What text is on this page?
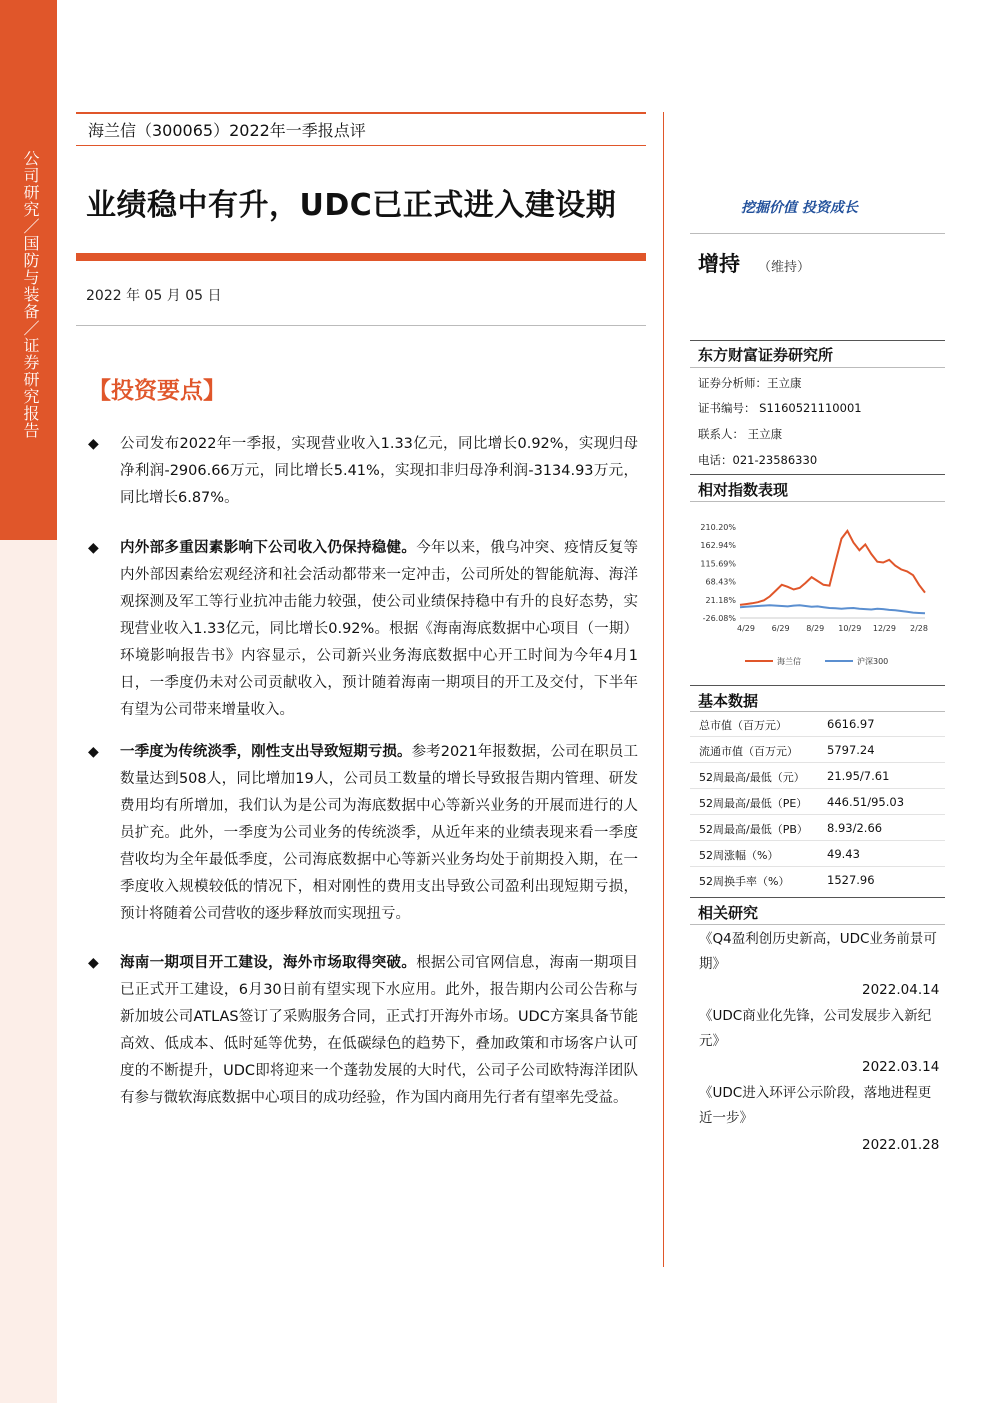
公司研究／国防与装备／证券研究报告
海兰信（300065）2022年一季报点评
业绩稳中有升，UDC已正式进入建设期
2022 年 05 月 05 日
挖掘价值 投资成长
增持 （维持）
【投资要点】
◆ 公司发布2022年一季报，实现营业收入1.33亿元，同比增长0.92%，实现归母净利润-2906.66万元，同比增长5.41%，实现扣非归母净利润-3134.93万元，同比增长6.87%。
◆ 内外部多重因素影响下公司收入仍保持稳健。今年以来，俄乌冲突、疫情反复等内外部因素给宏观经济和社会活动都带来一定冲击，公司所处的智能航海、海洋观探测及军工等行业抗冲击能力较强，使公司业绩保持稳中有升的良好态势，实现营业收入1.33亿元，同比增长0.92%。根据《海南海底数据中心项目（一期）环境影响报告书》内容显示，公司新兴业务海底数据中心开工时间为今年4月1日，一季度仍未对公司贡献收入，预计随着海南一期项目的开工及交付，下半年有望为公司带来增量收入。
◆ 一季度为传统淡季，刚性支出导致短期亏损。参考2021年报数据，公司在职员工数量达到508人，同比增加19人，公司员工数量的增长导致报告期内管理、研发费用均有所增加，我们认为是公司为海底数据中心等新兴业务的开展而进行的人员扩充。此外，一季度为公司业务的传统淡季，从近年来的业绩表现来看一季度营收均为全年最低季度，公司海底数据中心等新兴业务均处于前期投入期，在一季度收入规模较低的情况下，相对刚性的费用支出导致公司盈利出现短期亏损，预计将随着公司营收的逐步释放而实现扭亏。
◆ 海南一期项目开工建设，海外市场取得突破。根据公司官网信息，海南一期项目已正式开工建设，6月30日前有望实现下水应用。此外，报告期内公司公告称与新加坡公司ATLAS签订了采购服务合同，正式打开海外市场。UDC方案具备节能高效、低成本、低时延等优势，在低碳绿色的趋势下，叠加政策和市场客户认可度的不断提升，UDC即将迎来一个蓬勃发展的大时代，公司子公司欧特海洋团队有参与微软海底数据中心项目的成功经验，作为国内商用先行者有望率先受益。
东方财富证券研究所
证券分析师：王立康
证书编号： S1160521110001
联系人： 王立康
电话：021-23586330
相对指数表现
210.20%
162.94%
115.69%
68.43%
21.18%
-26.08%
4/29 6/29 8/29 10/29 12/29 2/28
海兰信	沪深300
基本数据
总市值（百万元）	6616.97
流通市值（百万元）	5797.24
52周最高/最低（元） 21.95/7.61
52周最高/最低（PE） 446.51/95.03
52周最高/最低（PB） 8.93/2.66
52周涨幅（%）	49.43
52周换手率（%）	1527.96
相关研究
《Q4盈利创历史新高，UDC业务前景可期》
2022.04.14
《UDC商业化先锋，公司发展步入新纪元》
2022.03.14
《UDC进入环评公示阶段，落地进程更近一步》
2022.01.28
